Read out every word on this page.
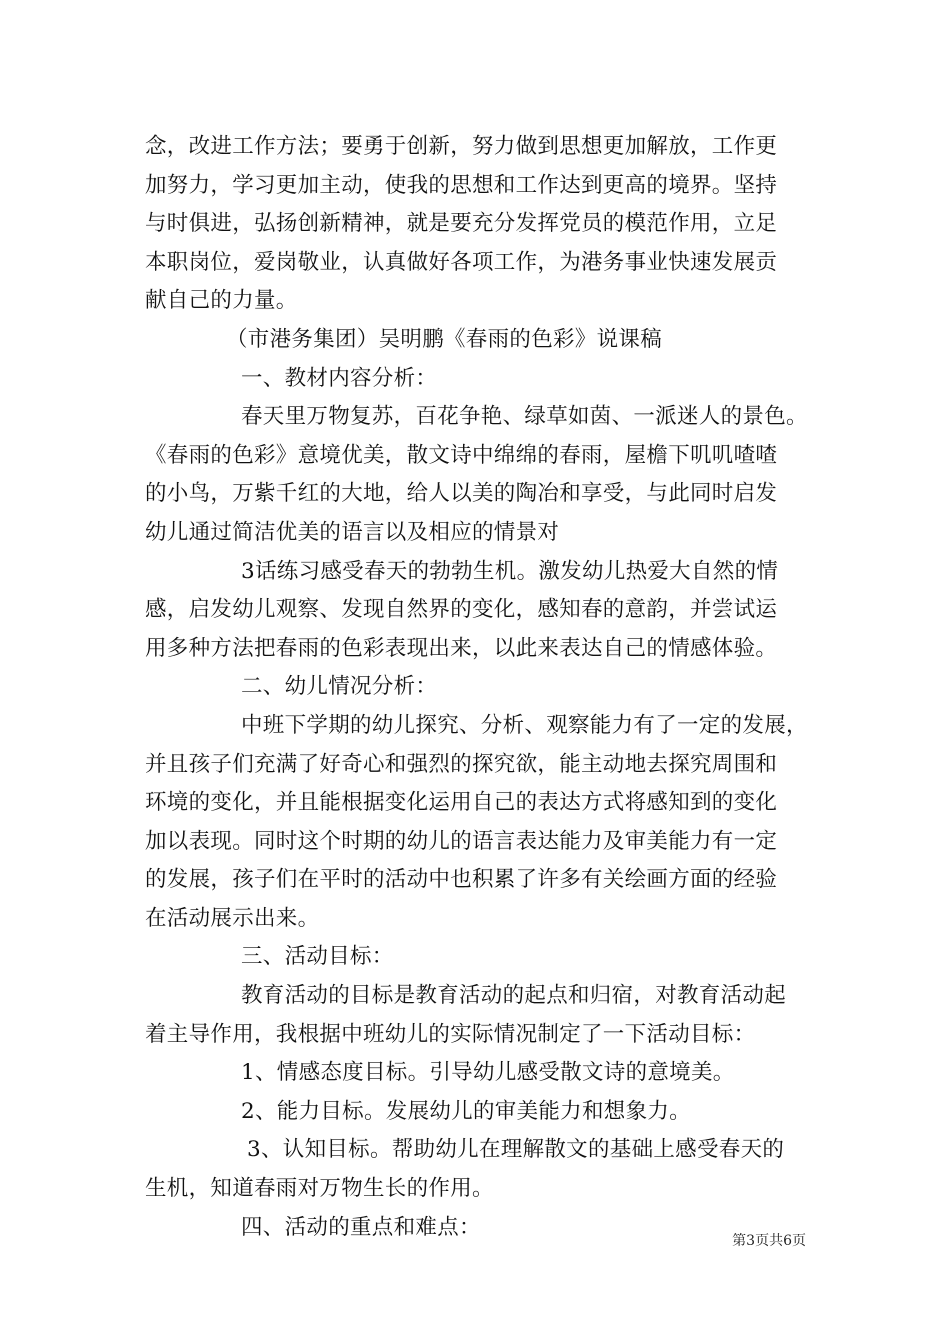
念，改进工作方法；要勇于创新，努力做到思想更加解放，工作更
加努力，学习更加主动，使我的思想和工作达到更高的境界。坚持
与时俱进，弘扬创新精神，就是要充分发挥党员的模范作用，立足
本职岗位，爱岗敬业，认真做好各项工作，为港务事业快速发展贡
献自己的力量。
（市港务集团）吴明鹏《春雨的色彩》说课稿
一、教材内容分析：
春天里万物复苏，百花争艳、绿草如茵、一派迷人的景色。
《春雨的色彩》意境优美，散文诗中绵绵的春雨，屋檐下叽叽喳喳
的小鸟，万紫千红的大地，给人以美的陶冶和享受，与此同时启发
幼儿通过简洁优美的语言以及相应的情景对
3话练习感受春天的勃勃生机。激发幼儿热爱大自然的情
感，启发幼儿观察、发现自然界的变化，感知春的意韵，并尝试运
用多种方法把春雨的色彩表现出来，以此来表达自己的情感体验。
二、幼儿情况分析：
中班下学期的幼儿探究、分析、观察能力有了一定的发展，
并且孩子们充满了好奇心和强烈的探究欲，能主动地去探究周围和
环境的变化，并且能根据变化运用自己的表达方式将感知到的变化
加以表现。同时这个时期的幼儿的语言表达能力及审美能力有一定
的发展，孩子们在平时的活动中也积累了许多有关绘画方面的经验
在活动展示出来。
三、活动目标：
教育活动的目标是教育活动的起点和归宿，对教育活动起
着主导作用，我根据中班幼儿的实际情况制定了一下活动目标：
1、情感态度目标。引导幼儿感受散文诗的意境美。
2、能力目标。发展幼儿的审美能力和想象力。
3、认知目标。帮助幼儿在理解散文的基础上感受春天的
生机，知道春雨对万物生长的作用。
四、活动的重点和难点：
第3页共6页
